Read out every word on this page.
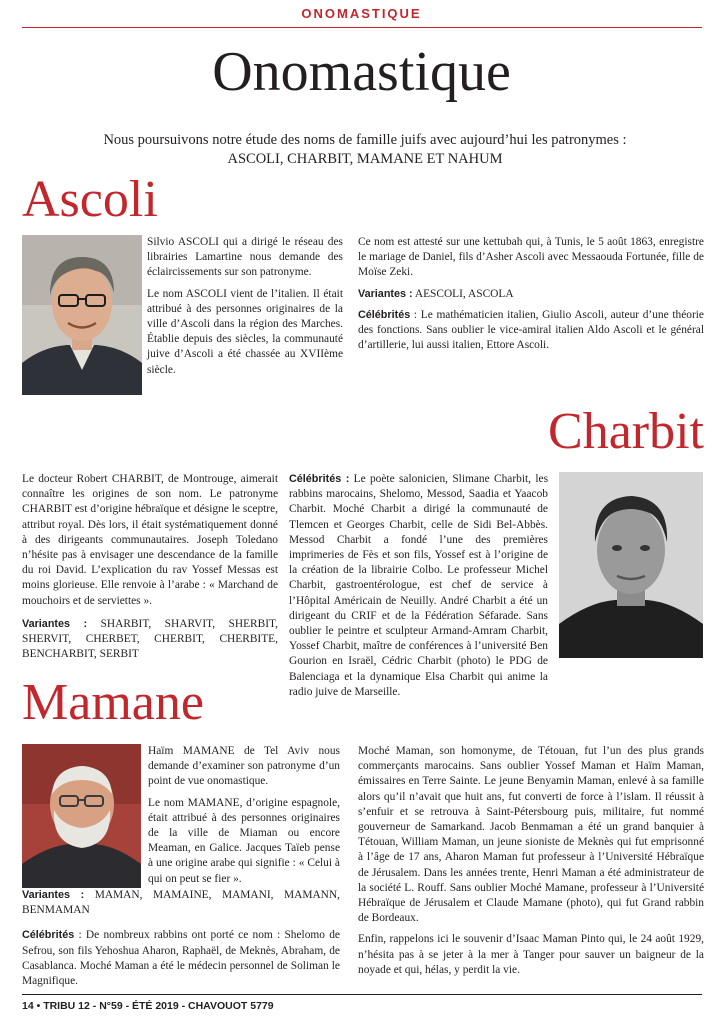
ONOMASTIQUE
Onomastique
Nous poursuivons notre étude des noms de famille juifs avec aujourd’hui les patronymes :
ASCOLI, CHARBIT, MAMANE ET NAHUM
Ascoli

Silvio ASCOLI qui a dirigé le réseau des librairies Lamartine nous demande des éclaircissements sur son patronyme.

Le nom ASCOLI vient de l’italien. Il était attribué à des personnes originaires de la ville d’Ascoli dans la région des Marches. Établie depuis des siècles, la communauté juive d’Ascoli a été chassée au XVIIème siècle.

Ce nom est attesté sur une kettubah qui, à Tunis, le 5 août 1863, enregistre le mariage de Daniel, fils d’Asher Ascoli avec Messaouda Fortunée, fille de Moïse Zeki.

Variantes : AESCOLI, ASCOLA

Célébrités : Le mathématicien italien, Giulio Ascoli, auteur d’une théorie des fonctions. Sans oublier le vice-amiral italien Aldo Ascoli et le général d’artillerie, lui aussi italien, Ettore Ascoli.

Charbit

Le docteur Robert CHARBIT, de Montrouge, aimerait connaître les origines de son nom. Le patronyme CHARBIT est d’origine hébraïque et désigne le sceptre, attribut royal. Dès lors, il était systématiquement donné à des dirigeants communautaires. Joseph Toledano n’hésite pas à envisager une descendance de la famille du roi David. L’explication du rav Yossef Messas est moins glorieuse. Elle renvoie à l’arabe : « Marchand de mouchoirs et de serviettes ».

Variantes : SHARBIT, SHARVIT, SHERBIT, SHERVIT, CHERBET, CHERBIT, CHERBITE, BENCHARBIT, SERBIT

Célébrités : Le poète salonicien, Slimane Charbit, les rabbins marocains, Shelomo, Messod, Saadia et Yaacob Charbit. Moché Charbit a dirigé la communauté de Tlemcen et Georges Charbit, celle de Sidi Bel-Abbès. Messod Charbit a fondé l’une des premières imprimeries de Fès et son fils, Yossef est à l’origine de la création de la librairie Colbo. Le professeur Michel Charbit, gastroentérologue, est chef de service à l’Hôpital Américain de Neuilly. André Charbit a été un dirigeant du CRIF et de la Fédération Séfarade. Sans oublier le peintre et sculpteur Armand-Amram Charbit, Yossef Charbit, maître de conférences à l’université Ben Gourion en Israël, Cédric Charbit (photo) le PDG de Balenciaga et la dynamique Elsa Charbit qui anime la radio juive de Marseille.

Mamane

Haïm MAMANE de Tel Aviv nous demande d’examiner son patronyme d’un point de vue onomastique.

Le nom MAMANE, d’origine espagnole, était attribué à des personnes originaires de la ville de Miaman ou encore Meaman, en Galice. Jacques Taïeb pense à une origine arabe qui signifie : « Celui à qui on peut se fier ».

Variantes : MAMAN, MAMAINE, MAMANI, MAMANN, BENMAMAN

Célébrités : De nombreux rabbins ont porté ce nom : Shelomo de Sefrou, son fils Yehoshua Aharon, Raphaël, de Meknès, Abraham, de Casablanca. Moché Maman a été le médecin personnel de Soliman le Magnifique.

Moché Maman, son homonyme, de Tétouan, fut l’un des plus grands commerçants marocains. Sans oublier Yossef Maman et Haïm Maman, émissaires en Terre Sainte. Le jeune Benyamin Maman, enlevé à sa famille alors qu’il n’avait que huit ans, fut converti de force à l’islam. Il réussit à s’enfuir et se retrouva à Saint-Pétersbourg puis, militaire, fut nommé gouverneur de Samarkand. Jacob Benmaman a été un grand banquier à Tétouan, William Maman, un jeune sioniste de Meknès qui fut emprisonné à l’âge de 17 ans, Aharon Maman fut professeur à l’Université Hébraïque de Jérusalem. Dans les années trente, Henri Maman a été administrateur de la société L. Rouff. Sans oublier Moché Mamane, professeur à l’Université Hébraïque de Jérusalem et Claude Mamane (photo), qui fut Grand rabbin de Bordeaux.

Enfin, rappelons ici le souvenir d’Isaac Maman Pinto qui, le 24 août 1929, n’hésita pas à se jeter à la mer à Tanger pour sauver un baigneur de la noyade et qui, hélas, y perdit la vie.

14 • TRIBU 12 - N°59 - ÉTÉ 2019 - CHAVOUOT 5779
